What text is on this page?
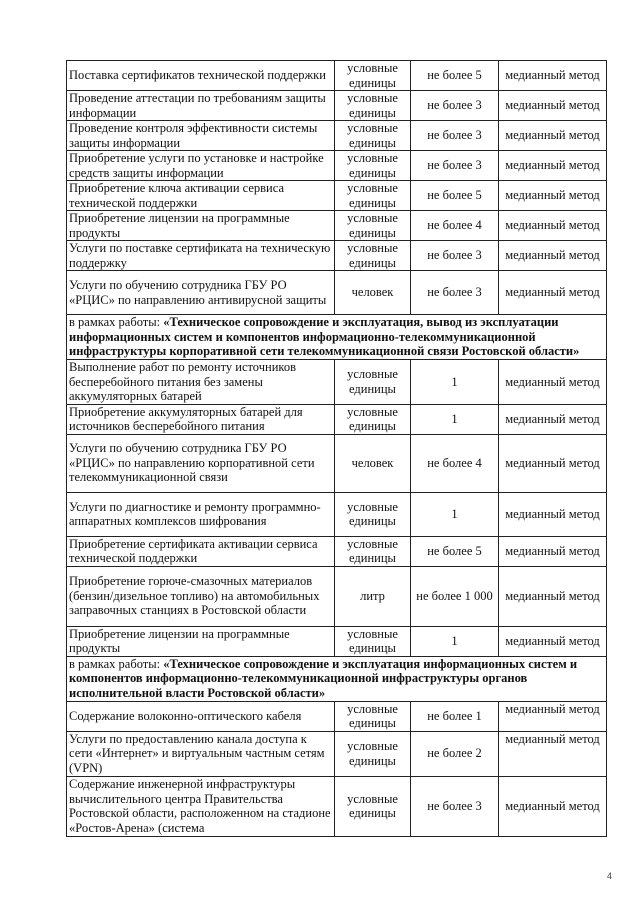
Поставка сертификатов технической поддержки	условные единицы	не более 5	медианный метод
Проведение аттестации по требованиям защиты информации	условные единицы	не более 3	медианный метод
Проведение контроля эффективности системы защиты информации	условные единицы	не более 3	медианный метод
Приобретение услуги по установке и настройке средств защиты информации	условные единицы	не более 3	медианный метод
Приобретение ключа активации сервиса технической поддержки	условные единицы	не более 5	медианный метод
Приобретение лицензии на программные продукты	условные единицы	не более 4	медианный метод
Услуги по поставке сертификата на техническую поддержку	условные единицы	не более 3	медианный метод
Услуги по обучению сотрудника ГБУ РО «РЦИС» по направлению антивирусной защиты	человек	не более 3	медианный метод
в рамках работы: «Техническое сопровождение и эксплуатация, вывод из эксплуатации информационных систем и компонентов информационно-телекоммуникационной инфраструктуры корпоративной сети телекоммуникационной связи Ростовской области»			
Выполнение работ по ремонту источников бесперебойного питания без замены аккумуляторных батарей	условные единицы	1	медианный метод
Приобретение аккумуляторных батарей для источников бесперебойного питания	условные единицы	1	медианный метод
Услуги по обучению сотрудника ГБУ РО «РЦИС» по направлению корпоративной сети телекоммуникационной связи	человек	не более 4	медианный метод
Услуги по диагностике и ремонту программно-аппаратных комплексов шифрования	условные единицы	1	медианный метод
Приобретение сертификата активации сервиса технической поддержки	условные единицы	не более 5	медианный метод
Приобретение горюче-смазочных материалов (бензин/дизельное топливо) на автомобильных заправочных станциях в Ростовской области	литр	не более 1 000	медианный метод
Приобретение лицензии на программные продукты	условные единицы	1	медианный метод
в рамках работы: «Техническое сопровождение и эксплуатация информационных систем и компонентов информационно-телекоммуникационной инфраструктуры органов исполнительной власти Ростовской области»			
Содержание волоконно-оптического кабеля	условные единицы	не более 1	медианный метод
Услуги по предоставлению канала доступа к сети «Интернет» и виртуальным частным сетям (VPN)	условные единицы	не более 2	медианный метод
Содержание инженерной инфраструктуры вычислительного центра Правительства Ростовской области, расположенном на стадионе «Ростов-Арена» (система	условные единицы	не более 3	медианный метод
4
